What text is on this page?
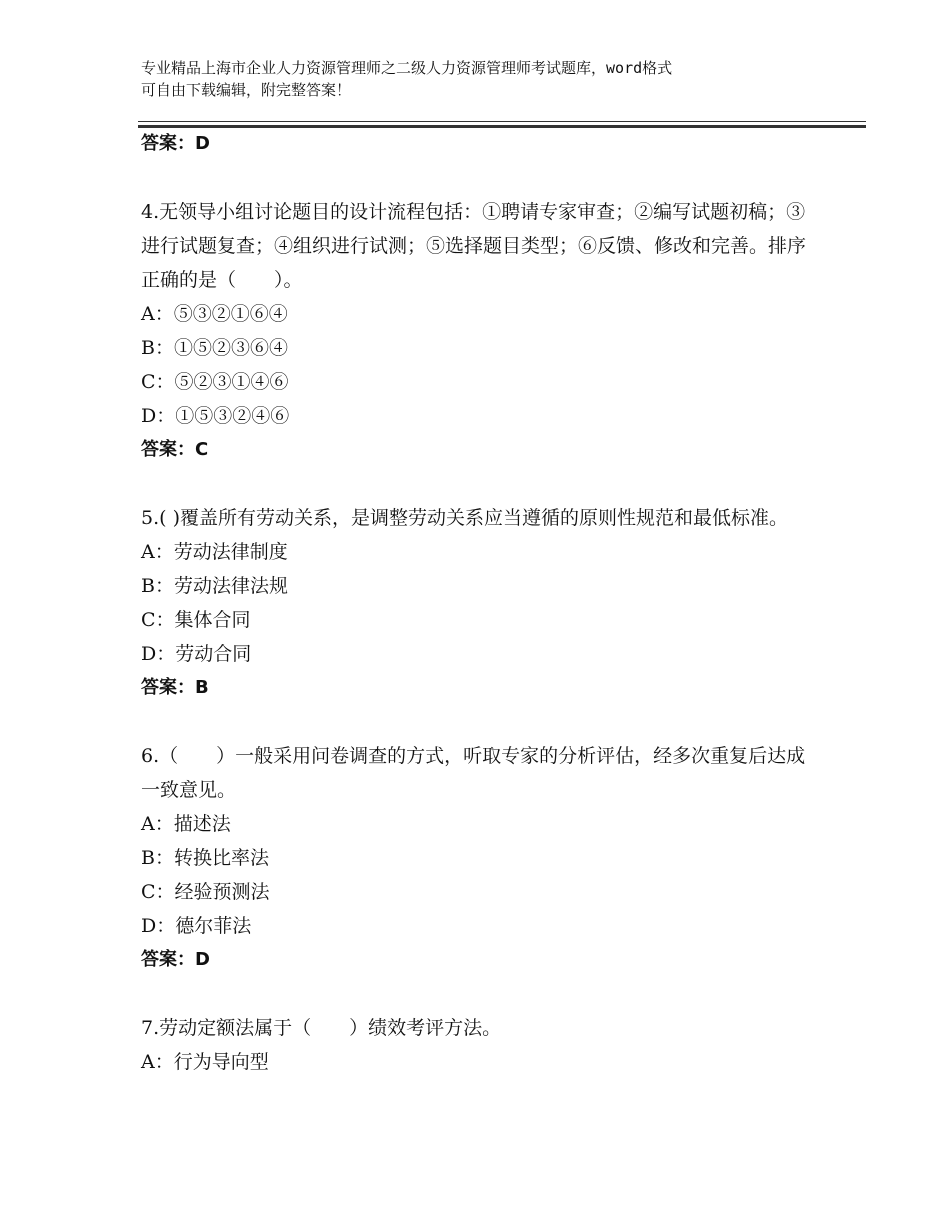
专业精品上海市企业人力资源管理师之二级人力资源管理师考试题库，word格式
可自由下载编辑，附完整答案！
答案：D
4.无领导小组讨论题目的设计流程包括：①聘请专家审查；②编写试题初稿；③进行试题复查；④组织进行试测；⑤选择题目类型；⑥反馈、修改和完善。排序正确的是（　　）。
A：⑤③②①⑥④
B：①⑤②③⑥④
C：⑤②③①④⑥
D：①⑤③②④⑥
答案：C
5.( )覆盖所有劳动关系，是调整劳动关系应当遵循的原则性规范和最低标准。
A：劳动法律制度
B：劳动法律法规
C：集体合同
D：劳动合同
答案：B
6.（　　）一般采用问卷调查的方式，听取专家的分析评估，经多次重复后达成一致意见。
A：描述法
B：转换比率法
C：经验预测法
D：德尔菲法
答案：D
7.劳动定额法属于（　　）绩效考评方法。
A：行为导向型
